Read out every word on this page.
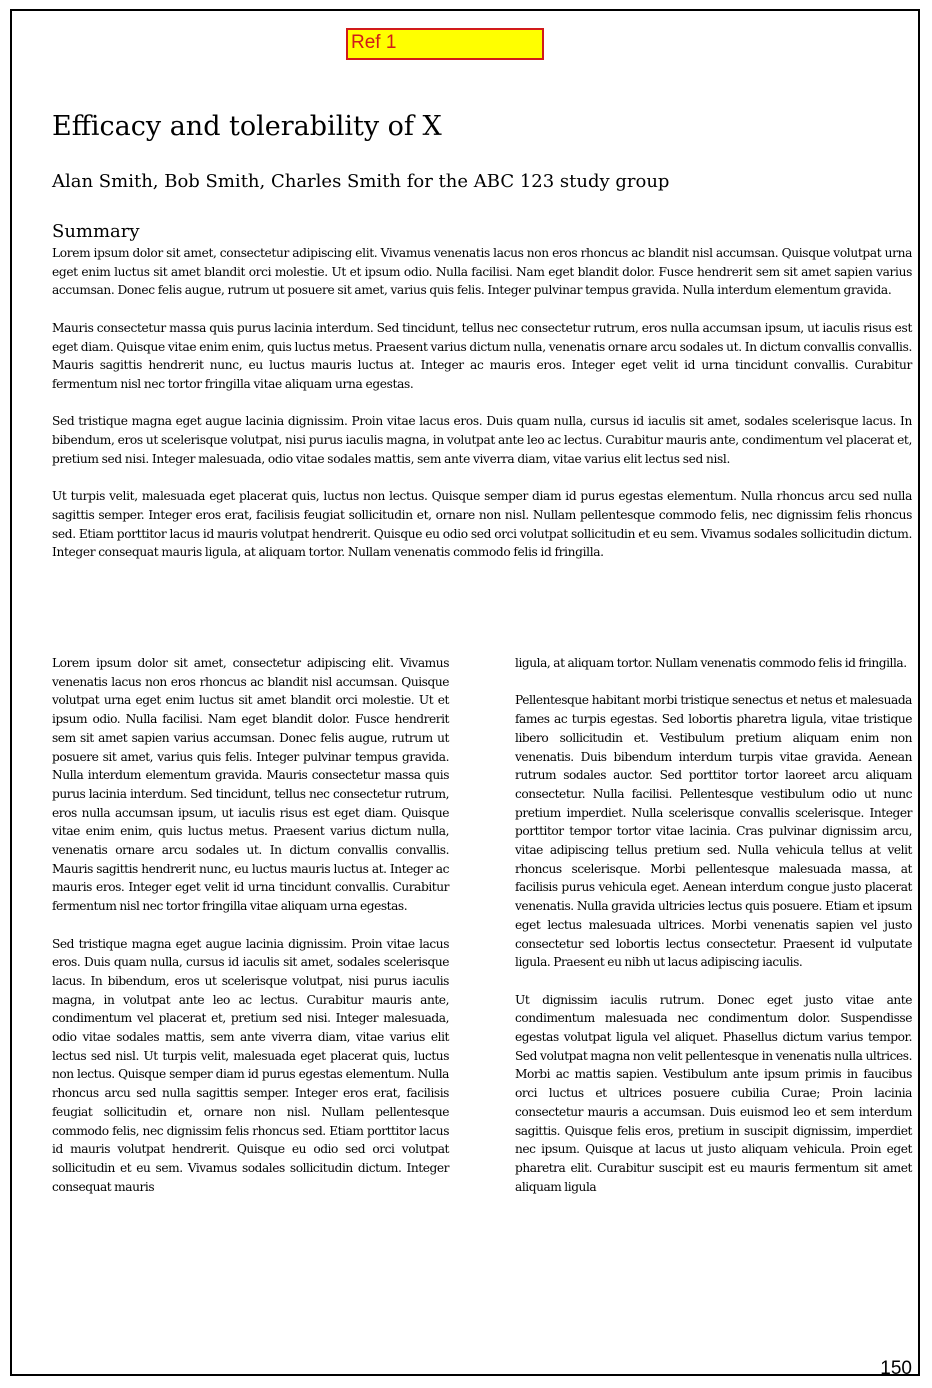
Ref 1
Efficacy and tolerability of X
Alan Smith, Bob Smith, Charles Smith for the ABC 123 study group
Summary

Lorem ipsum dolor sit amet, consectetur adipiscing elit. Vivamus venenatis lacus non eros rhoncus ac blandit nisl accumsan. Quisque volutpat urna eget enim luctus sit amet blandit orci molestie. Ut et ipsum odio. Nulla facilisi. Nam eget blandit dolor. Fusce hendrerit sem sit amet sapien varius accumsan. Donec felis augue, rutrum ut posuere sit amet, varius quis felis. Integer pulvinar tempus gravida. Nulla interdum elementum gravida.

Mauris consectetur massa quis purus lacinia interdum. Sed tincidunt, tellus nec consectetur rutrum, eros nulla accumsan ipsum, ut iaculis risus est eget diam. Quisque vitae enim enim, quis luctus metus. Praesent varius dictum nulla, venenatis ornare arcu sodales ut. In dictum convallis convallis. Mauris sagittis hendrerit nunc, eu luctus mauris luctus at. Integer ac mauris eros. Integer eget velit id urna tincidunt convallis. Curabitur fermentum nisl nec tortor fringilla vitae aliquam urna egestas.

Sed tristique magna eget augue lacinia dignissim. Proin vitae lacus eros. Duis quam nulla, cursus id iaculis sit amet, sodales scelerisque lacus. In bibendum, eros ut scelerisque volutpat, nisi purus iaculis magna, in volutpat ante leo ac lectus. Curabitur mauris ante, condimentum vel placerat et, pretium sed nisi. Integer malesuada, odio vitae sodales mattis, sem ante viverra diam, vitae varius elit lectus sed nisl.

Ut turpis velit, malesuada eget placerat quis, luctus non lectus. Quisque semper diam id purus egestas elementum. Nulla rhoncus arcu sed nulla sagittis semper. Integer eros erat, facilisis feugiat sollicitudin et, ornare non nisl. Nullam pellentesque commodo felis, nec dignissim felis rhoncus sed. Etiam porttitor lacus id mauris volutpat hendrerit. Quisque eu odio sed orci volutpat sollicitudin et eu sem. Vivamus sodales sollicitudin dictum. Integer consequat mauris ligula, at aliquam tortor. Nullam venenatis commodo felis id fringilla.

Lorem ipsum dolor sit amet, consectetur adipiscing elit. Vivamus venenatis lacus non eros rhoncus ac blandit nisl accumsan. Quisque volutpat urna eget enim luctus sit amet blandit orci molestie. Ut et ipsum odio. Nulla facilisi. Nam eget blandit dolor. Fusce hendrerit sem sit amet sapien varius accumsan. Donec felis augue, rutrum ut posuere sit amet, varius quis felis. Integer pulvinar tempus gravida. Nulla interdum elementum gravida. Mauris consectetur massa quis purus lacinia interdum. Sed tincidunt, tellus nec consectetur rutrum, eros nulla accumsan ipsum, ut iaculis risus est eget diam. Quisque vitae enim enim, quis luctus metus. Praesent varius dictum nulla, venenatis ornare arcu sodales ut. In dictum convallis convallis. Mauris sagittis hendrerit nunc, eu luctus mauris luctus at. Integer ac mauris eros. Integer eget velit id urna tincidunt convallis. Curabitur fermentum nisl nec tortor fringilla vitae aliquam urna egestas.

Sed tristique magna eget augue lacinia dignissim. Proin vitae lacus eros. Duis quam nulla, cursus id iaculis sit amet, sodales scelerisque lacus. In bibendum, eros ut scelerisque volutpat, nisi purus iaculis magna, in volutpat ante leo ac lectus. Curabitur mauris ante, condimentum vel placerat et, pretium sed nisi. Integer malesuada, odio vitae sodales mattis, sem ante viverra diam, vitae varius elit lectus sed nisl. Ut turpis velit, malesuada eget placerat quis, luctus non lectus. Quisque semper diam id purus egestas elementum. Nulla rhoncus arcu sed nulla sagittis semper. Integer eros erat, facilisis feugiat sollicitudin et, ornare non nisl. Nullam pellentesque commodo felis, nec dignissim felis rhoncus sed. Etiam porttitor lacus id mauris volutpat hendrerit. Quisque eu odio sed orci volutpat sollicitudin et eu sem. Vivamus sodales sollicitudin dictum. Integer consequat mauris

ligula, at aliquam tortor. Nullam venenatis commodo felis id fringilla.

Pellentesque habitant morbi tristique senectus et netus et malesuada fames ac turpis egestas. Sed lobortis pharetra ligula, vitae tristique libero sollicitudin et. Vestibulum pretium aliquam enim non venenatis. Duis bibendum interdum turpis vitae gravida. Aenean rutrum sodales auctor. Sed porttitor tortor laoreet arcu aliquam consectetur. Nulla facilisi. Pellentesque vestibulum odio ut nunc pretium imperdiet. Nulla scelerisque convallis scelerisque. Integer porttitor tempor tortor vitae lacinia. Cras pulvinar dignissim arcu, vitae adipiscing tellus pretium sed. Nulla vehicula tellus at velit rhoncus scelerisque. Morbi pellentesque malesuada massa, at facilisis purus vehicula eget. Aenean interdum congue justo placerat venenatis. Nulla gravida ultricies lectus quis posuere. Etiam et ipsum eget lectus malesuada ultrices. Morbi venenatis sapien vel justo consectetur sed lobortis lectus consectetur. Praesent id vulputate ligula. Praesent eu nibh ut lacus adipiscing iaculis.

Ut dignissim iaculis rutrum. Donec eget justo vitae ante condimentum malesuada nec condimentum dolor. Suspendisse egestas volutpat ligula vel aliquet. Phasellus dictum varius tempor. Sed volutpat magna non velit pellentesque in venenatis nulla ultrices. Morbi ac mattis sapien. Vestibulum ante ipsum primis in faucibus orci luctus et ultrices posuere cubilia Curae; Proin lacinia consectetur mauris a accumsan. Duis euismod leo et sem interdum sagittis. Quisque felis eros, pretium in suscipit dignissim, imperdiet nec ipsum. Quisque at lacus ut justo aliquam vehicula. Proin eget pharetra elit. Curabitur suscipit est eu mauris fermentum sit amet aliquam ligula

150
